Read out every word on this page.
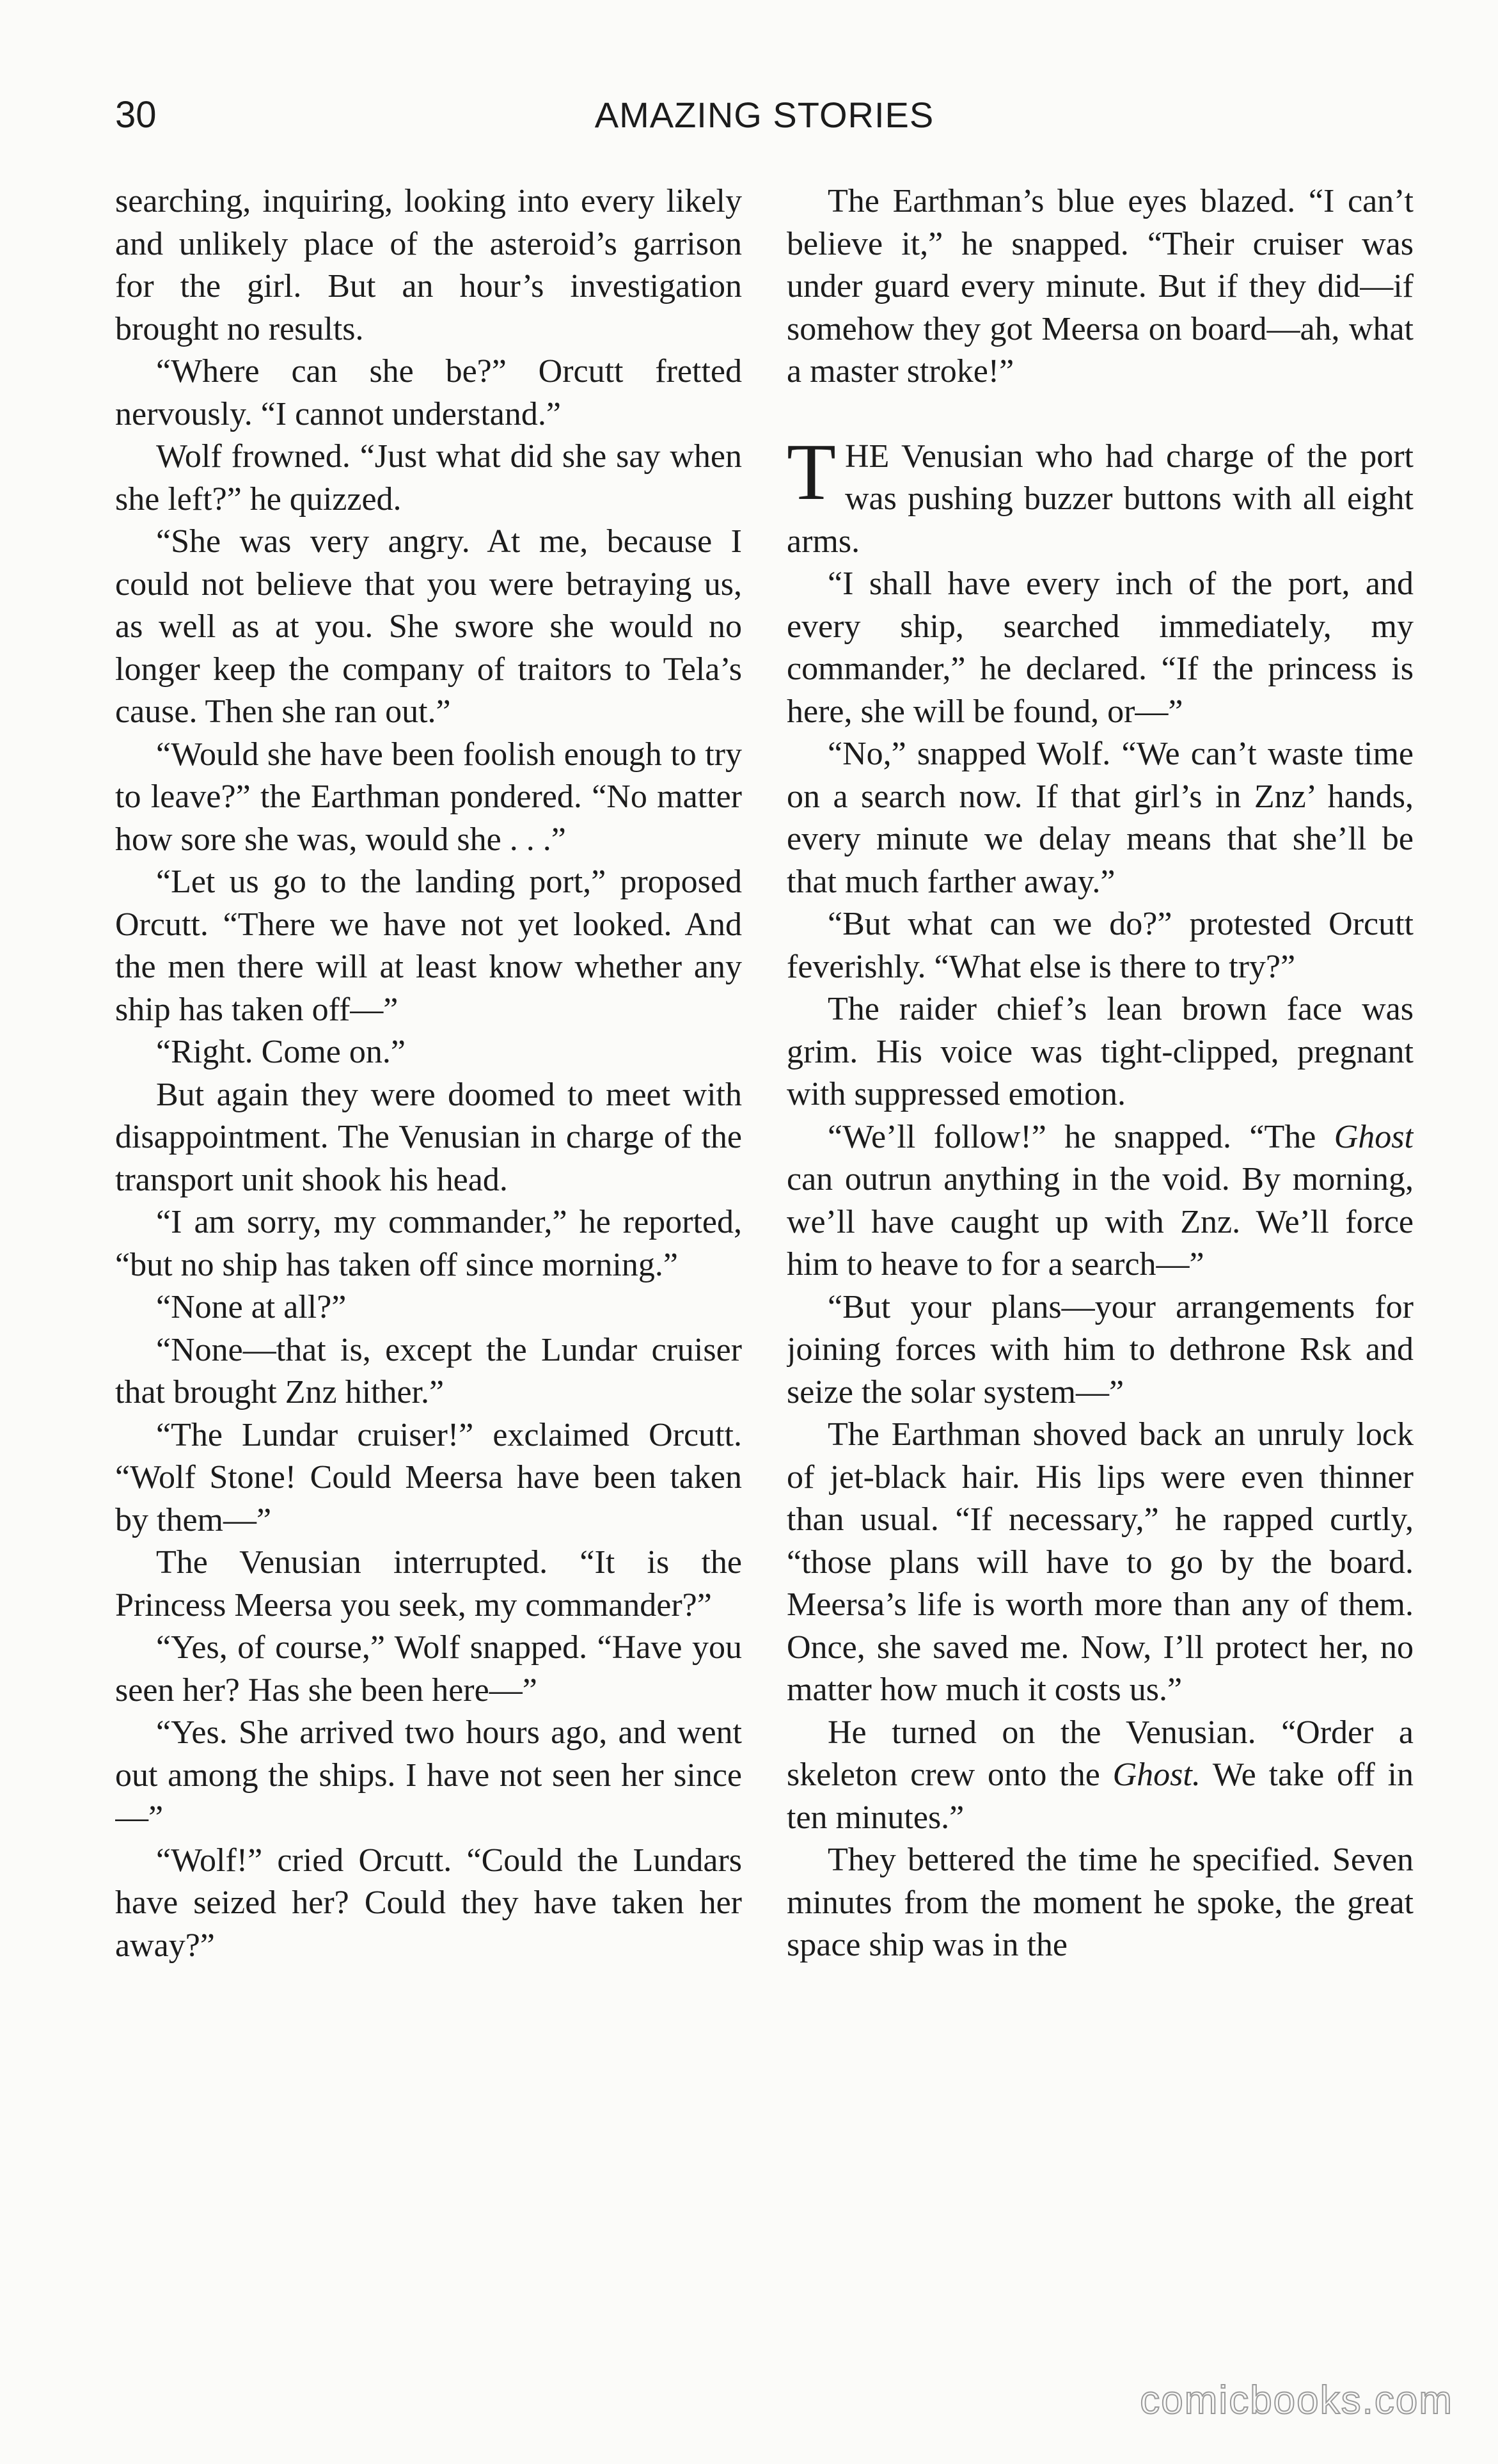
30	AMAZING STORIES

searching, inquiring, looking into every likely and unlikely place of the asteroid’s garrison for the girl. But an hour’s investigation brought no results.

“Where can she be?” Orcutt fretted nervously. “I cannot understand.”

Wolf frowned. “Just what did she say when she left?” he quizzed.

“She was very angry. At me, because I could not believe that you were betraying us, as well as at you. She swore she would no longer keep the company of traitors to Tela’s cause. Then she ran out.”

“Would she have been foolish enough to try to leave?” the Earthman pondered. “No matter how sore she was, would she . . .”

“Let us go to the landing port,” proposed Orcutt. “There we have not yet looked. And the men there will at least know whether any ship has taken off—”

“Right. Come on.”

But again they were doomed to meet with disappointment. The Venusian in charge of the transport unit shook his head.

“I am sorry, my commander,” he reported, “but no ship has taken off since morning.”

“None at all?”

“None—that is, except the Lundar cruiser that brought Znz hither.”

“The Lundar cruiser!” exclaimed Orcutt. “Wolf Stone! Could Meersa have been taken by them—”

The Venusian interrupted. “It is the Princess Meersa you seek, my commander?”

“Yes, of course,” Wolf snapped. “Have you seen her? Has she been here—”

“Yes. She arrived two hours ago, and went out among the ships. I have not seen her since—”

“Wolf!” cried Orcutt. “Could the Lundars have seized her? Could they have taken her away?”

The Earthman’s blue eyes blazed. “I can’t believe it,” he snapped. “Their cruiser was under guard every minute. But if they did—if somehow they got Meersa on board—ah, what a master stroke!”

THE Venusian who had charge of the port was pushing buzzer buttons with all eight arms.

“I shall have every inch of the port, and every ship, searched immediately, my commander,” he declared. “If the princess is here, she will be found, or—”

“No,” snapped Wolf. “We can’t waste time on a search now. If that girl’s in Znz’ hands, every minute we delay means that she’ll be that much farther away.”

“But what can we do?” protested Orcutt feverishly. “What else is there to try?”

The raider chief’s lean brown face was grim. His voice was tight-clipped, pregnant with suppressed emotion.

“We’ll follow!” he snapped. “The Ghost can outrun anything in the void. By morning, we’ll have caught up with Znz. We’ll force him to heave to for a search—”

“But your plans—your arrangements for joining forces with him to dethrone Rsk and seize the solar system—”

The Earthman shoved back an unruly lock of jet-black hair. His lips were even thinner than usual. “If necessary,” he rapped curtly, “those plans will have to go by the board. Meersa’s life is worth more than any of them. Once, she saved me. Now, I’ll protect her, no matter how much it costs us.”

He turned on the Venusian. “Order a skeleton crew onto the Ghost. We take off in ten minutes.”

They bettered the time he specified. Seven minutes from the moment he spoke, the great space ship was in the

comicbooks.com
